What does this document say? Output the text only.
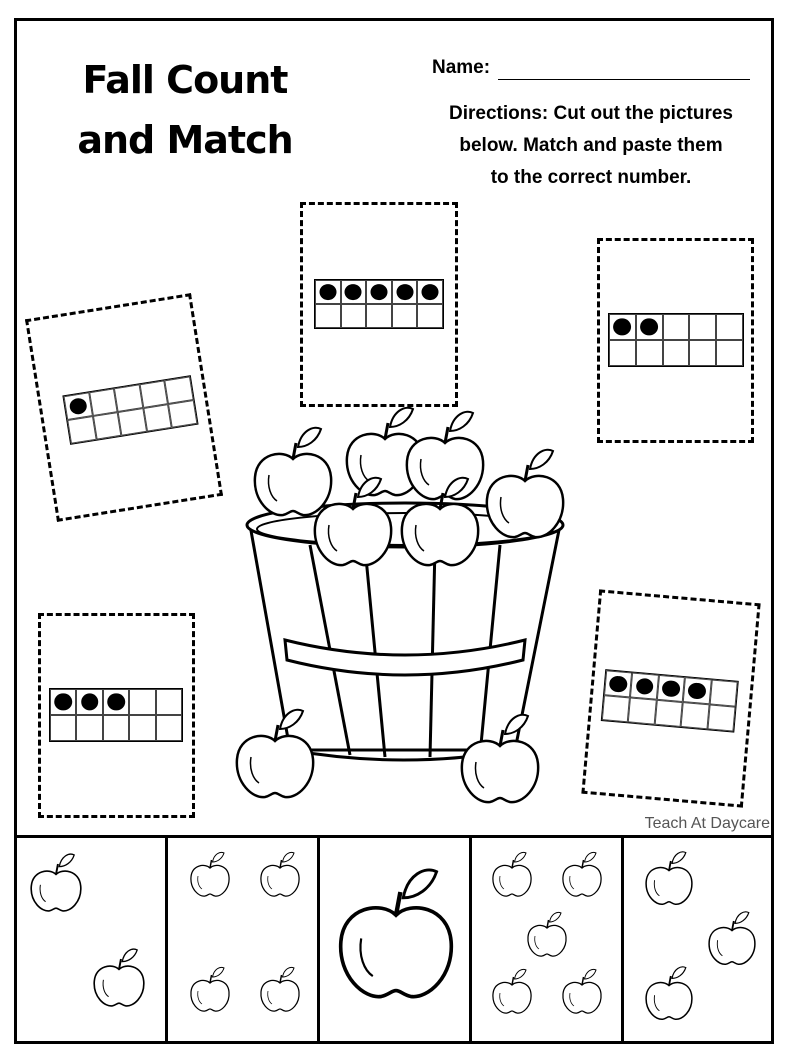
Fall Count
and Match
Name:
Directions: Cut out the pictures
below. Match and paste them
to the correct number.
Teach At Daycare
